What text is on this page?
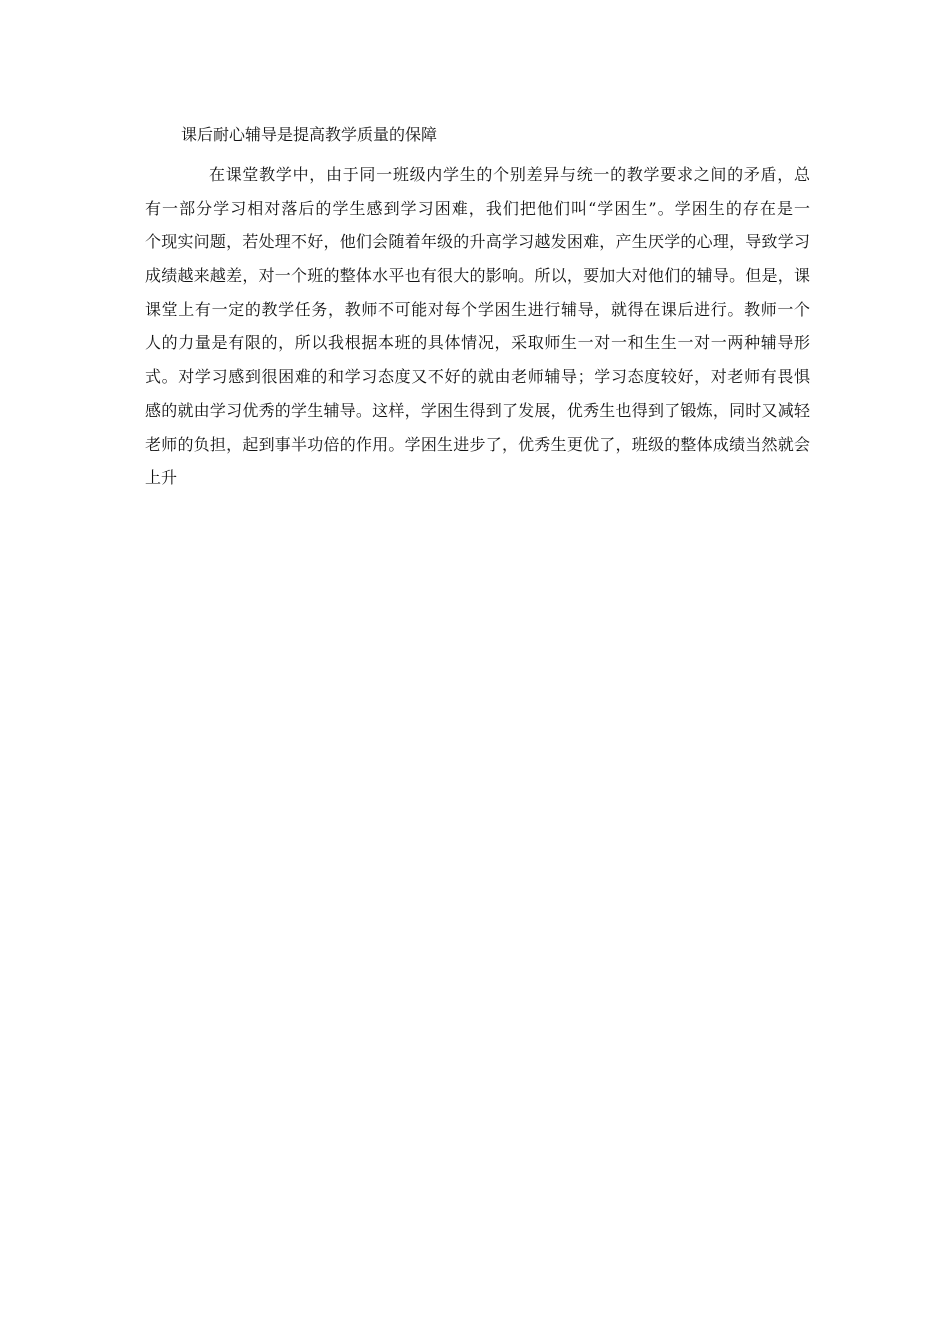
课后耐心辅导是提高教学质量的保障
在课堂教学中，由于同一班级内学生的个别差异与统一的教学要求之间的矛盾，总
有一部分学习相对落后的学生感到学习困难，我们把他们叫“学困生”。学困生的存在是一
个现实问题，若处理不好，他们会随着年级的升高学习越发困难，产生厌学的心理，导致学习
成绩越来越差，对一个班的整体水平也有很大的影响。所以，要加大对他们的辅导。但是，课
课堂上有一定的教学任务，教师不可能对每个学困生进行辅导，就得在课后进行。教师一个
人的力量是有限的，所以我根据本班的具体情况，采取师生一对一和生生一对一两种辅导形
式。对学习感到很困难的和学习态度又不好的就由老师辅导；学习态度较好，对老师有畏惧
感的就由学习优秀的学生辅导。这样，学困生得到了发展，优秀生也得到了锻炼，同时又减轻
老师的负担，起到事半功倍的作用。学困生进步了，优秀生更优了，班级的整体成绩当然就会
上升
